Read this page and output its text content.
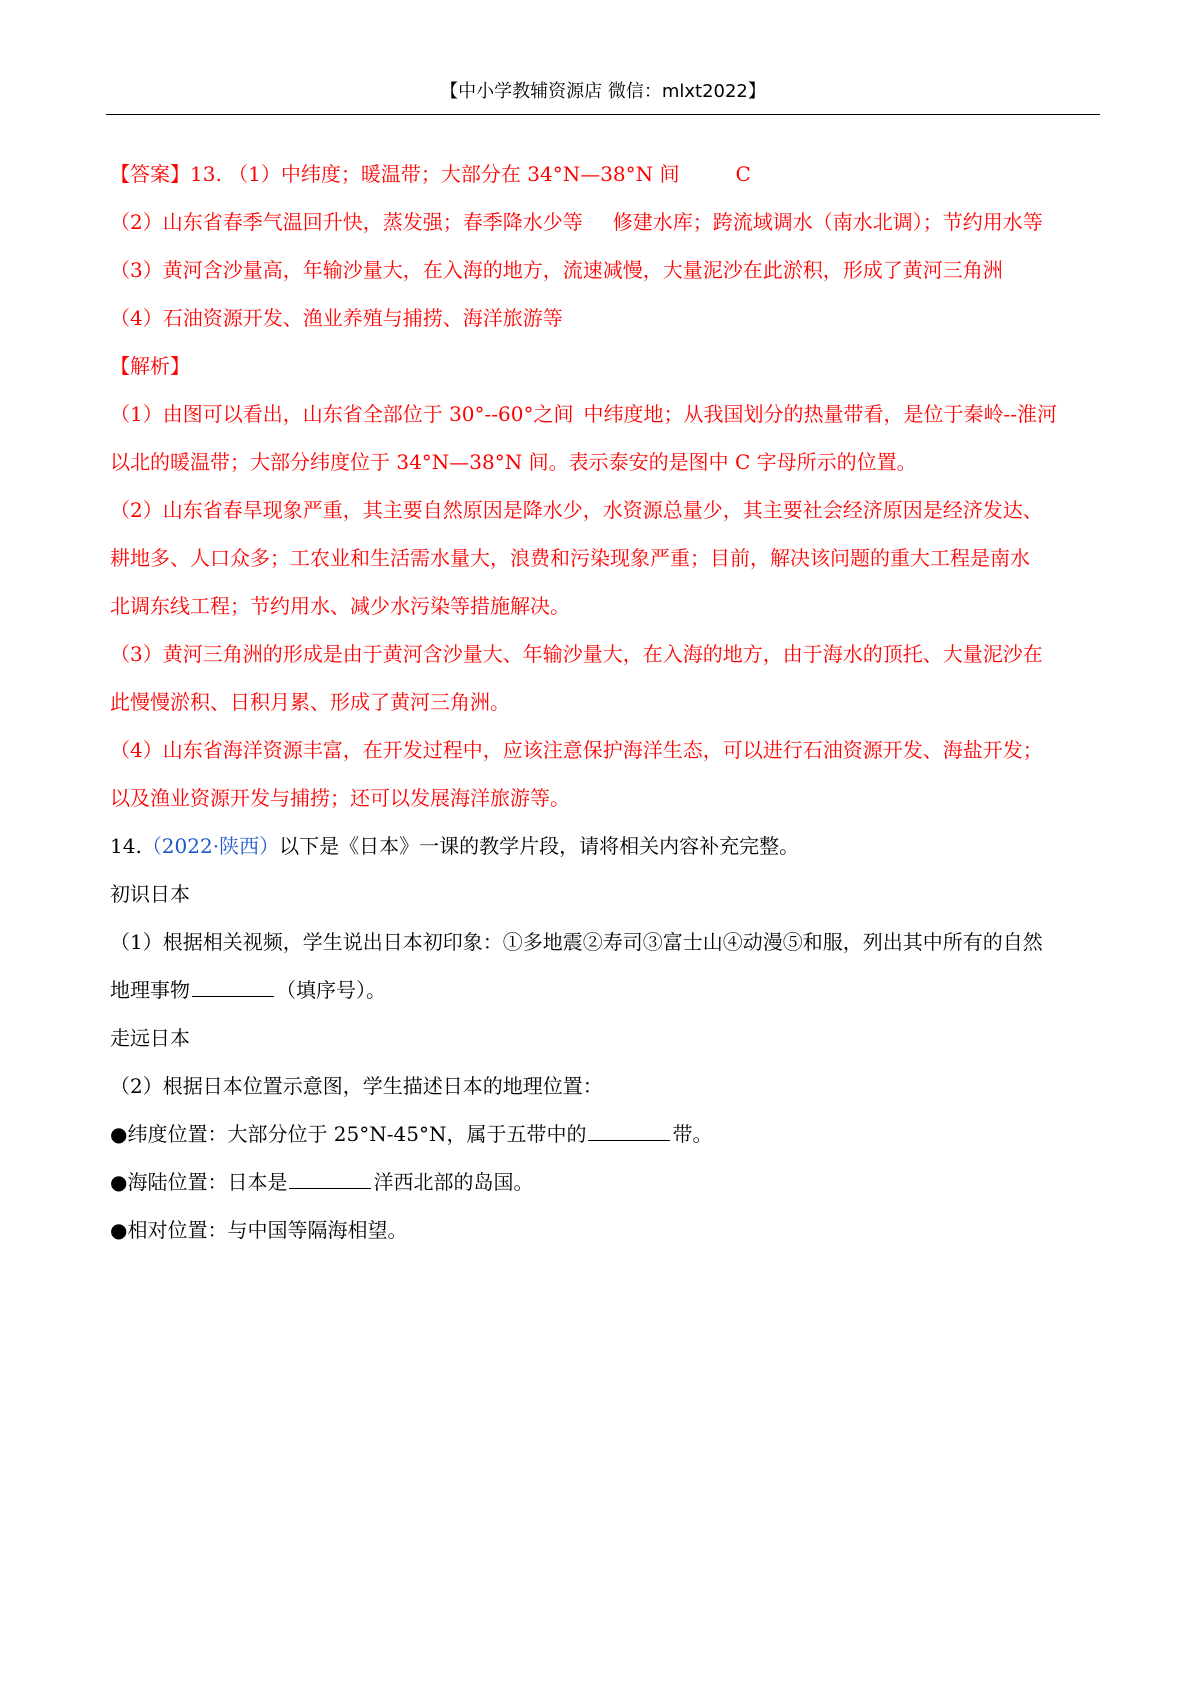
【中小学教辅资源店 微信：mlxt2022】
【答案】13. （1）中纬度；暖温带；大部分在 34°N—38°N 间	C
（2）山东省春季气温回升快，蒸发强；春季降水少等 修建水库；跨流域调水（南水北调）；节约用水等
（3）黄河含沙量高，年输沙量大，在入海的地方，流速减慢，大量泥沙在此淤积，形成了黄河三角洲
（4）石油资源开发、渔业养殖与捕捞、海洋旅游等
【解析】
（1）由图可以看出，山东省全部位于 30°--60°之间 中纬度地；从我国划分的热量带看，是位于秦岭--淮河
以北的暖温带；大部分纬度位于 34°N—38°N 间。表示泰安的是图中 C 字母所示的位置。
（2）山东省春旱现象严重，其主要自然原因是降水少，水资源总量少，其主要社会经济原因是经济发达、
耕地多、人口众多；工农业和生活需水量大，浪费和污染现象严重；目前，解决该问题的重大工程是南水
北调东线工程；节约用水、减少水污染等措施解决。
（3）黄河三角洲的形成是由于黄河含沙量大、年输沙量大，在入海的地方，由于海水的顶托、大量泥沙在
此慢慢淤积、日积月累、形成了黄河三角洲。
（4）山东省海洋资源丰富，在开发过程中，应该注意保护海洋生态，可以进行石油资源开发、海盐开发；
以及渔业资源开发与捕捞；还可以发展海洋旅游等。
14.（2022·陕西）以下是《日本》一课的教学片段，请将相关内容补充完整。
初识日本
（1）根据相关视频，学生说出日本初印象：①多地震②寿司③富士山④动漫⑤和服，列出其中所有的自然
地理事物	（填序号）。
走远日本
（2）根据日本位置示意图，学生描述日本的地理位置：
●纬度位置：大部分位于 25°N-45°N，属于五带中的	带。
●海陆位置：日本是	洋西北部的岛国。
●相对位置：与中国等隔海相望。
